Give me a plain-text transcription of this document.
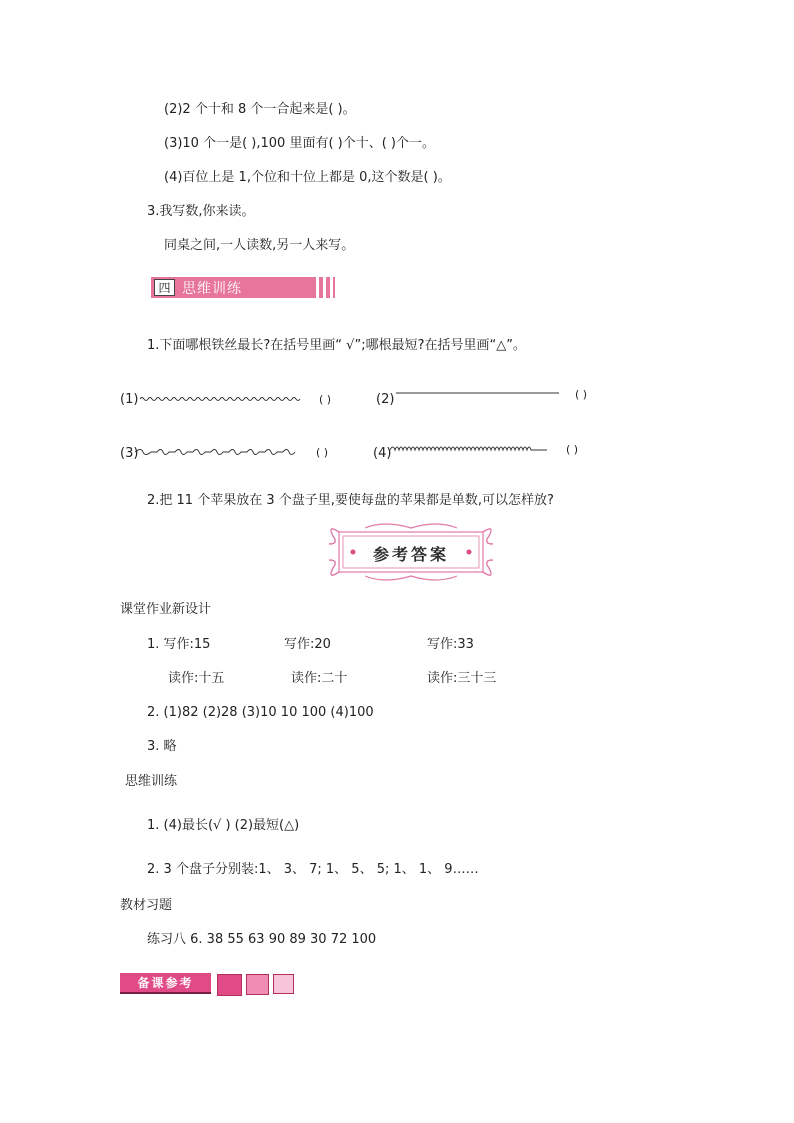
(2)2 个十和 8 个一合起来是( )。
(3)10 个一是( ),100 里面有( )个十、( )个一。
(4)百位上是 1,个位和十位上都是 0,这个数是( )。
3.我写数,你来读。
同桌之间,一人读数,另一人来写。
四 思维训练
1.下面哪根铁丝最长?在括号里画“ √”;哪根最短?在括号里画“△”。
(1)	( )	(2)	( )
(3)	( )	(4)	( )
2.把 11 个苹果放在 3 个盘子里,要使每盘的苹果都是单数,可以怎样放?
参考答案
课堂作业新设计
1. 写作:15	写作:20	写作:33
读作:十五	读作:二十	读作:三十三
2. (1)82 (2)28 (3)10 10 100 (4)100
3. 略
思维训练
1. (4)最长(√ ) (2)最短(△)
2. 3 个盘子分别装:1、 3、 7; 1、 5、 5; 1、 1、 9……
教材习题
练习八 6. 38 55 63 90 89 30 72 100
备课参考
